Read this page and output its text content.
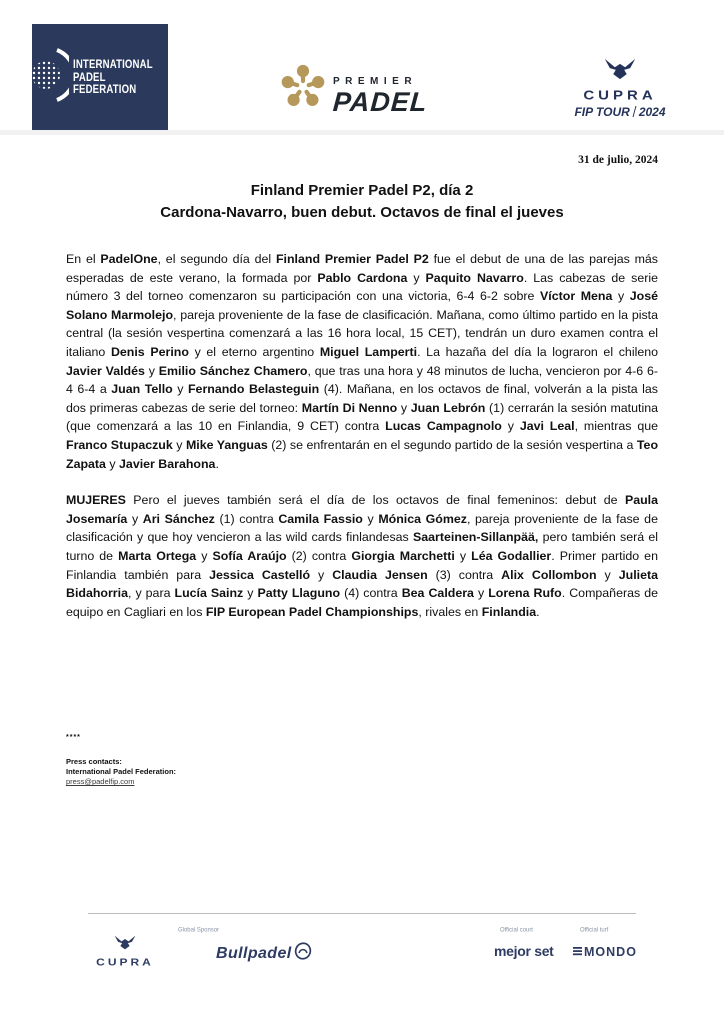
INTERNATIONAL
PADEL
FEDERATION
PREMIER
PADEL	CUPRA
FIP TOUR 2024
31 de julio, 2024
Finland Premier Padel P2, día 2
Cardona-Navarro, buen debut. Octavos de final el jueves

En el PadelOne, el segundo día del Finland Premier Padel P2 fue el debut de una de las parejas más esperadas de este verano, la formada por Pablo Cardona y Paquito Navarro. Las cabezas de serie número 3 del torneo comenzaron su participación con una victoria, 6-4 6-2 sobre Víctor Mena y José Solano Marmolejo, pareja proveniente de la fase de clasificación. Mañana, como último partido en la pista central (la sesión vespertina comenzará a las 16 hora local, 15 CET), tendrán un duro examen contra el italiano Denis Perino y el eterno argentino Miguel Lamperti. La hazaña del día la lograron el chileno Javier Valdés y Emilio Sánchez Chamero, que tras una hora y 48 minutos de lucha, vencieron por 4-6 6-4 6-4 a Juan Tello y Fernando Belasteguin (4). Mañana, en los octavos de final, volverán a la pista las dos primeras cabezas de serie del torneo: Martín Di Nenno y Juan Lebrón (1) cerrarán la sesión matutina (que comenzará a las 10 en Finlandia, 9 CET) contra Lucas Campagnolo y Javi Leal, mientras que Franco Stupaczuk y Mike Yanguas (2) se enfrentarán en el segundo partido de la sesión vespertina a Teo Zapata y Javier Barahona.

MUJERES Pero el jueves también será el día de los octavos de final femeninos: debut de Paula Josemaría y Ari Sánchez (1) contra Camila Fassio y Mónica Gómez, pareja proveniente de la fase de clasificación y que hoy vencieron a las wild cards finlandesas Saarteinen-Sillanpää, pero también será el turno de Marta Ortega y Sofía Araújo (2) contra Giorgia Marchetti y Léa Godallier. Primer partido en Finlandia también para Jessica Castelló y Claudia Jensen (3) contra Alix Collombon y Julieta Bidahorria, y para Lucía Sainz y Patty Llaguno (4) contra Bea Caldera y Lorena Rufo. Compañeras de equipo en Cagliari en los FIP European Padel Championships, rivales en Finlandia.

****
Press contacts:
International Padel Federation:
press@padelfip.com
Global Sponsor	Official court	Official turf
CUPRA
Bullpadel	mejor set MONDO
